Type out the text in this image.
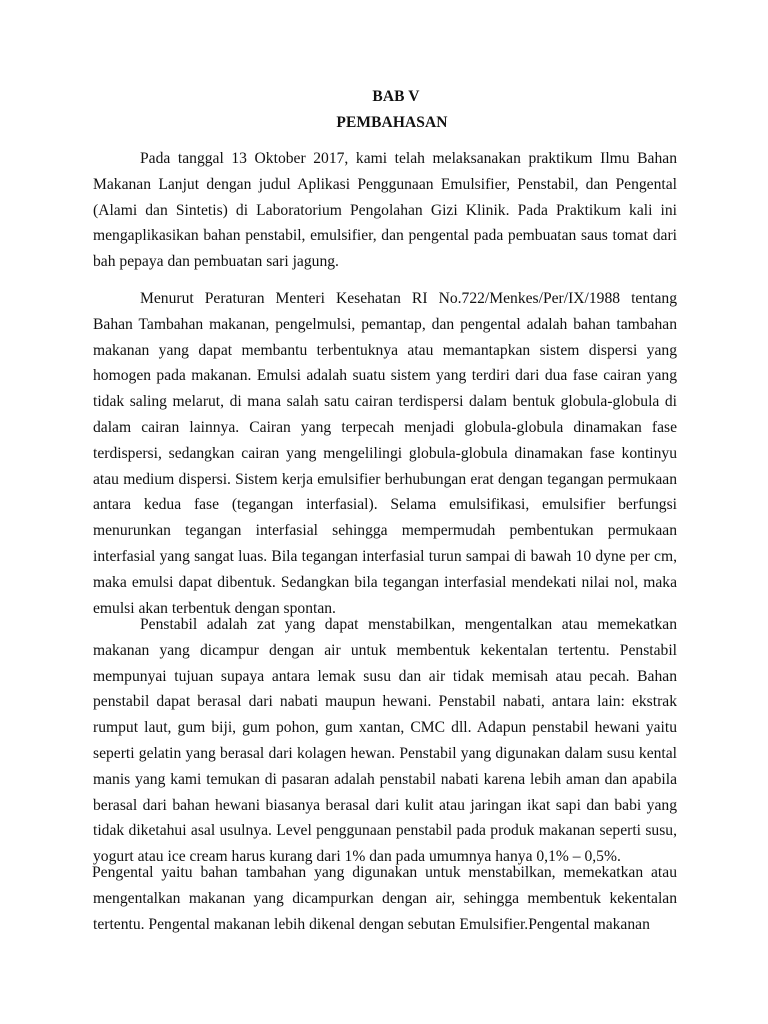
BAB V
PEMBAHASAN
Pada tanggal 13 Oktober 2017, kami telah melaksanakan praktikum Ilmu Bahan
Makanan Lanjut dengan judul Aplikasi Penggunaan Emulsifier, Penstabil, dan Pengental
(Alami dan Sintetis) di Laboratorium Pengolahan Gizi Klinik. Pada Praktikum kali ini
mengaplikasikan bahan penstabil, emulsifier, dan pengental pada pembuatan saus tomat dari
bah pepaya dan pembuatan sari jagung.
Menurut Peraturan Menteri Kesehatan RI No.722/Menkes/Per/IX/1988 tentang
Bahan Tambahan makanan, pengelmulsi, pemantap, dan pengental adalah bahan tambahan
makanan yang dapat membantu terbentuknya atau memantapkan sistem dispersi yang
homogen pada makanan. Emulsi adalah suatu sistem yang terdiri dari dua fase cairan yang
tidak saling melarut, di mana salah satu cairan terdispersi dalam bentuk globula-globula di
dalam cairan lainnya. Cairan yang terpecah menjadi globula-globula dinamakan fase
terdispersi, sedangkan cairan yang mengelilingi globula-globula dinamakan fase kontinyu
atau medium dispersi. Sistem kerja emulsifier berhubungan erat dengan tegangan permukaan
antara kedua fase (tegangan interfasial). Selama emulsifikasi, emulsifier berfungsi
menurunkan tegangan interfasial sehingga mempermudah pembentukan permukaan
interfasial yang sangat luas. Bila tegangan interfasial turun sampai di bawah 10 dyne per cm,
maka emulsi dapat dibentuk. Sedangkan bila tegangan interfasial mendekati nilai nol, maka
emulsi akan terbentuk dengan spontan.
Penstabil adalah zat yang dapat menstabilkan, mengentalkan atau memekatkan
makanan yang dicampur dengan air untuk membentuk kekentalan tertentu. Penstabil
mempunyai tujuan supaya antara lemak susu dan air tidak memisah atau pecah. Bahan
penstabil dapat berasal dari nabati maupun hewani. Penstabil nabati, antara lain: ekstrak
rumput laut, gum biji, gum pohon, gum xantan, CMC dll. Adapun penstabil hewani yaitu
seperti gelatin yang berasal dari kolagen hewan. Penstabil yang digunakan dalam susu kental
manis yang kami temukan di pasaran adalah penstabil nabati karena lebih aman dan apabila
berasal dari bahan hewani biasanya berasal dari kulit atau jaringan ikat sapi dan babi yang
tidak diketahui asal usulnya. Level penggunaan penstabil pada produk makanan seperti susu,
yogurt atau ice cream harus kurang dari 1% dan pada umumnya hanya 0,1% – 0,5%.
Pengental yaitu bahan tambahan yang digunakan untuk menstabilkan, memekatkan atau
mengentalkan makanan yang dicampurkan dengan air, sehingga membentuk kekentalan
tertentu. Pengental makanan lebih dikenal dengan sebutan Emulsifier.Pengental makanan
